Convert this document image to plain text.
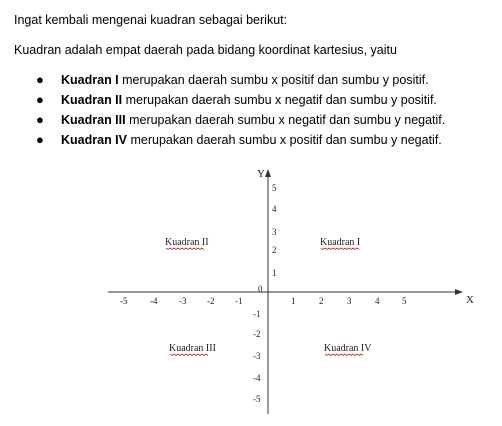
Ingat kembali mengenai kuadran sebagai berikut:

Kuadran adalah empat daerah pada bidang koordinat kartesius, yaitu

● Kuadran I merupakan daerah sumbu x positif dan sumbu y positif.
● Kuadran II merupakan daerah sumbu x negatif dan sumbu y positif.
● Kuadran III merupakan daerah sumbu x negatif dan sumbu y negatif.
● Kuadran IV merupakan daerah sumbu x positif dan sumbu y negatif.
X
Y
0
-5	-4 -3 -2 -1	1	2	3	4	5
5
4
3
2
1
-1
-2
-3
-4
-5
Kuadran II	Kuadran I
Kuadran III	Kuadran IV
